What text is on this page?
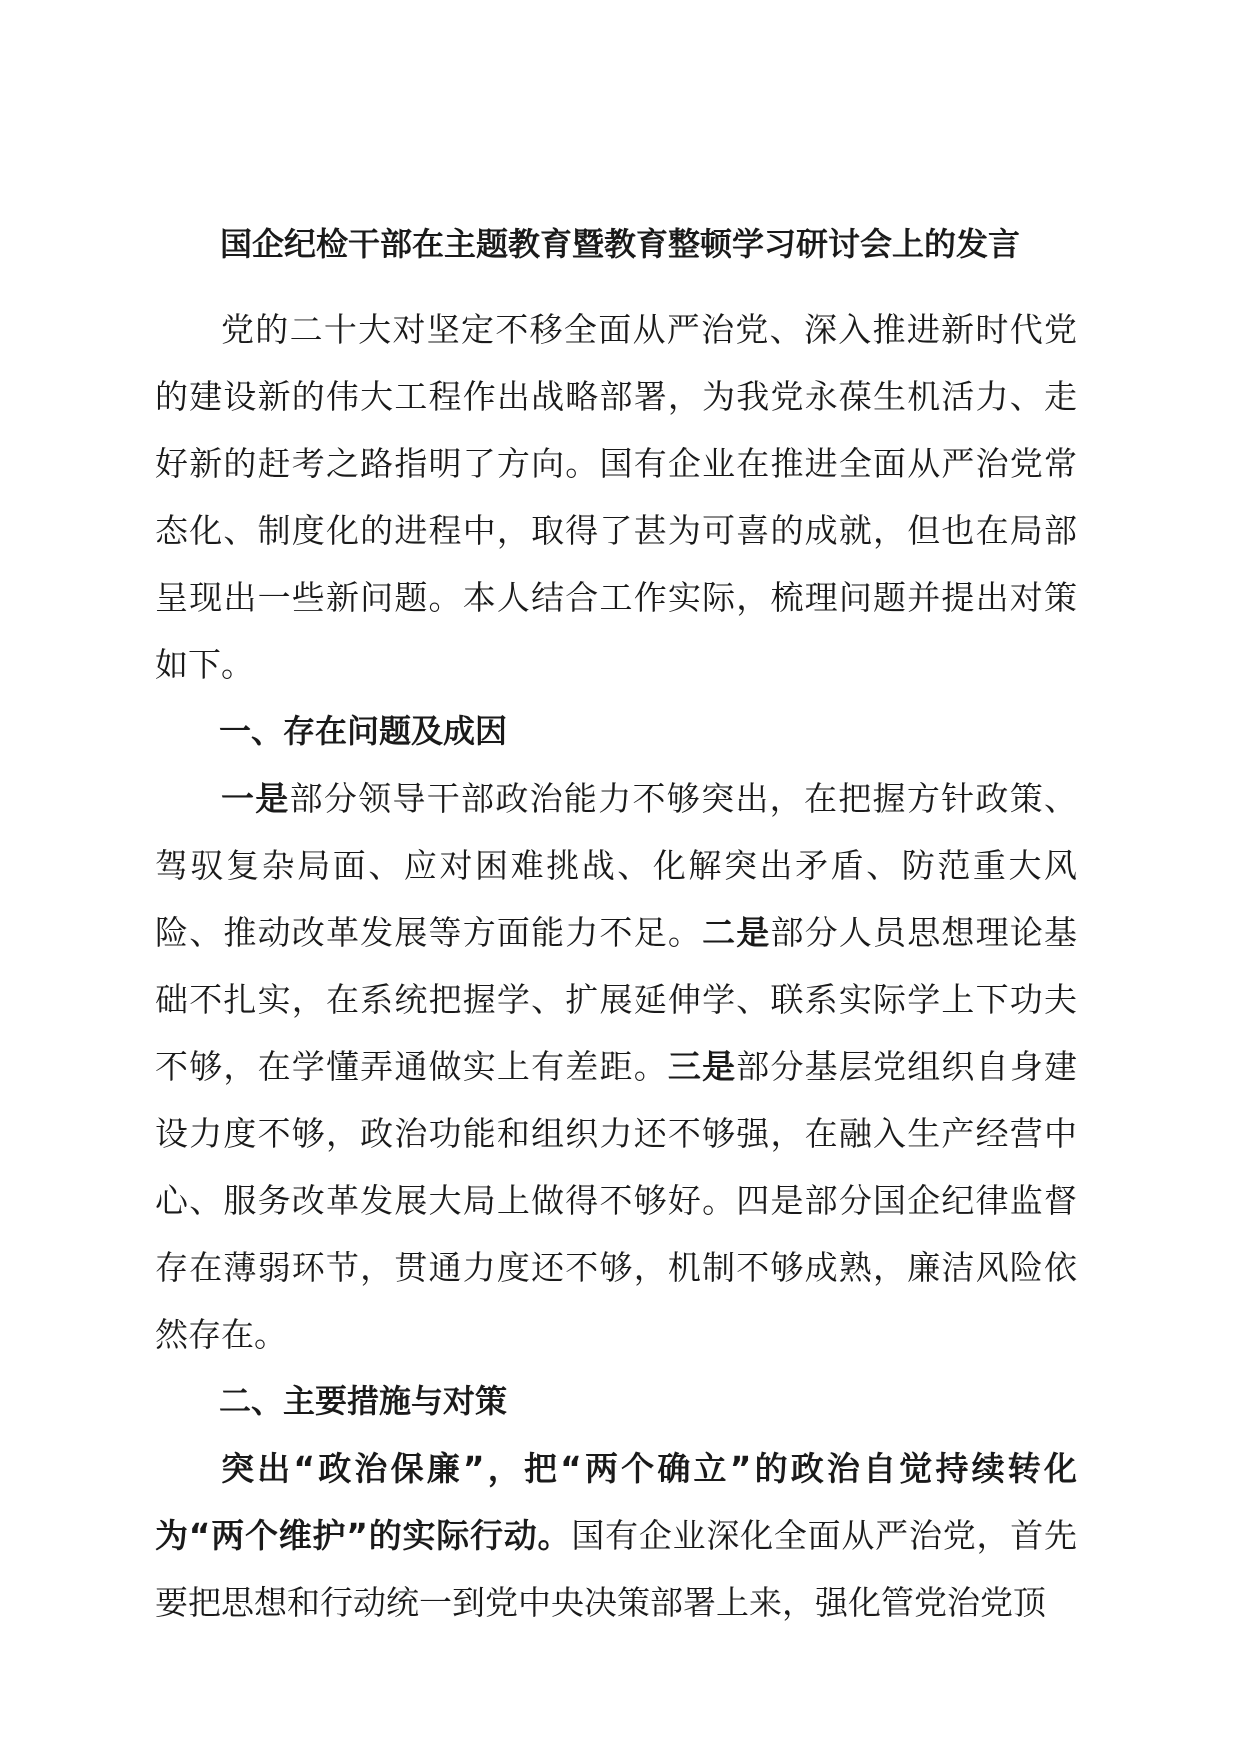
国企纪检干部在主题教育暨教育整顿学习研讨会上的发言

党的二十大对坚定不移全面从严治党、深入推进新时代党的建设新的伟大工程作出战略部署，为我党永葆生机活力、走好新的赶考之路指明了方向。国有企业在推进全面从严治党常态化、制度化的进程中，取得了甚为可喜的成就，但也在局部呈现出一些新问题。本人结合工作实际，梳理问题并提出对策如下。

一、存在问题及成因

一是部分领导干部政治能力不够突出，在把握方针政策、驾驭复杂局面、应对困难挑战、化解突出矛盾、防范重大风险、推动改革发展等方面能力不足。二是部分人员思想理论基础不扎实，在系统把握学、扩展延伸学、联系实际学上下功夫不够，在学懂弄通做实上有差距。三是部分基层党组织自身建设力度不够，政治功能和组织力还不够强，在融入生产经营中心、服务改革发展大局上做得不够好。四是部分国企纪律监督存在薄弱环节，贯通力度还不够，机制不够成熟，廉洁风险依然存在。

二、主要措施与对策

突出“政治保廉”，把“两个确立”的政治自觉持续转化为“两个维护”的实际行动。国有企业深化全面从严治党，首先要把思想和行动统一到党中央决策部署上来，强化管党治党顶
